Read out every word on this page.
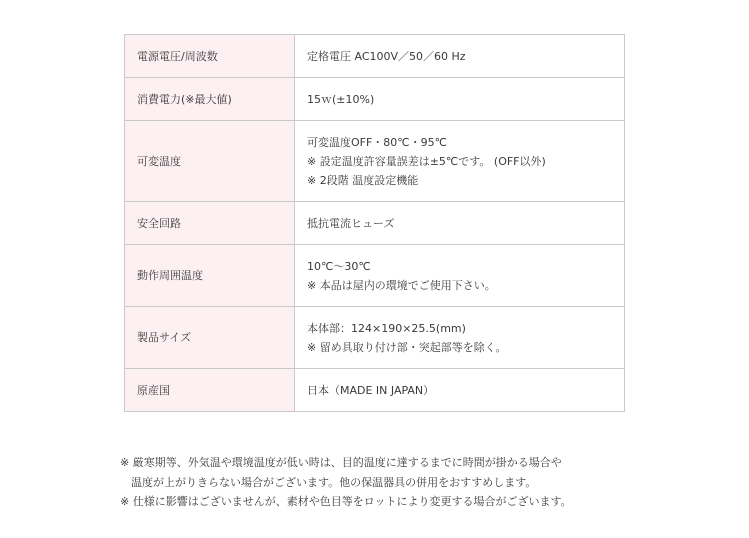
電源電圧/周波数	定格電圧 AC100V／50／60 Hz

消費電力(※最大値)	15ｗ(±10%)

可変温度	可変温度OFF・80℃・95℃
※ 設定温度許容量誤差は±5℃です。 (OFF以外)
※ 2段階 温度設定機能

安全回路	抵抗電流ヒューズ

動作周囲温度	10℃〜30℃
※ 本品は屋内の環境でご使用下さい。

製品サイズ	本体部：124×190×25.5(mm)
※ 留め具取り付け部・突起部等を除く。

原産国	日本（MADE IN JAPAN）
※ 厳寒期等、外気温や環境温度が低い時は、目的温度に達するまでに時間が掛かる場合や
温度が上がりきらない場合がございます。他の保温器具の併用をおすすめします。
※ 仕様に影響はございませんが、素材や色目等をロットにより変更する場合がございます。
